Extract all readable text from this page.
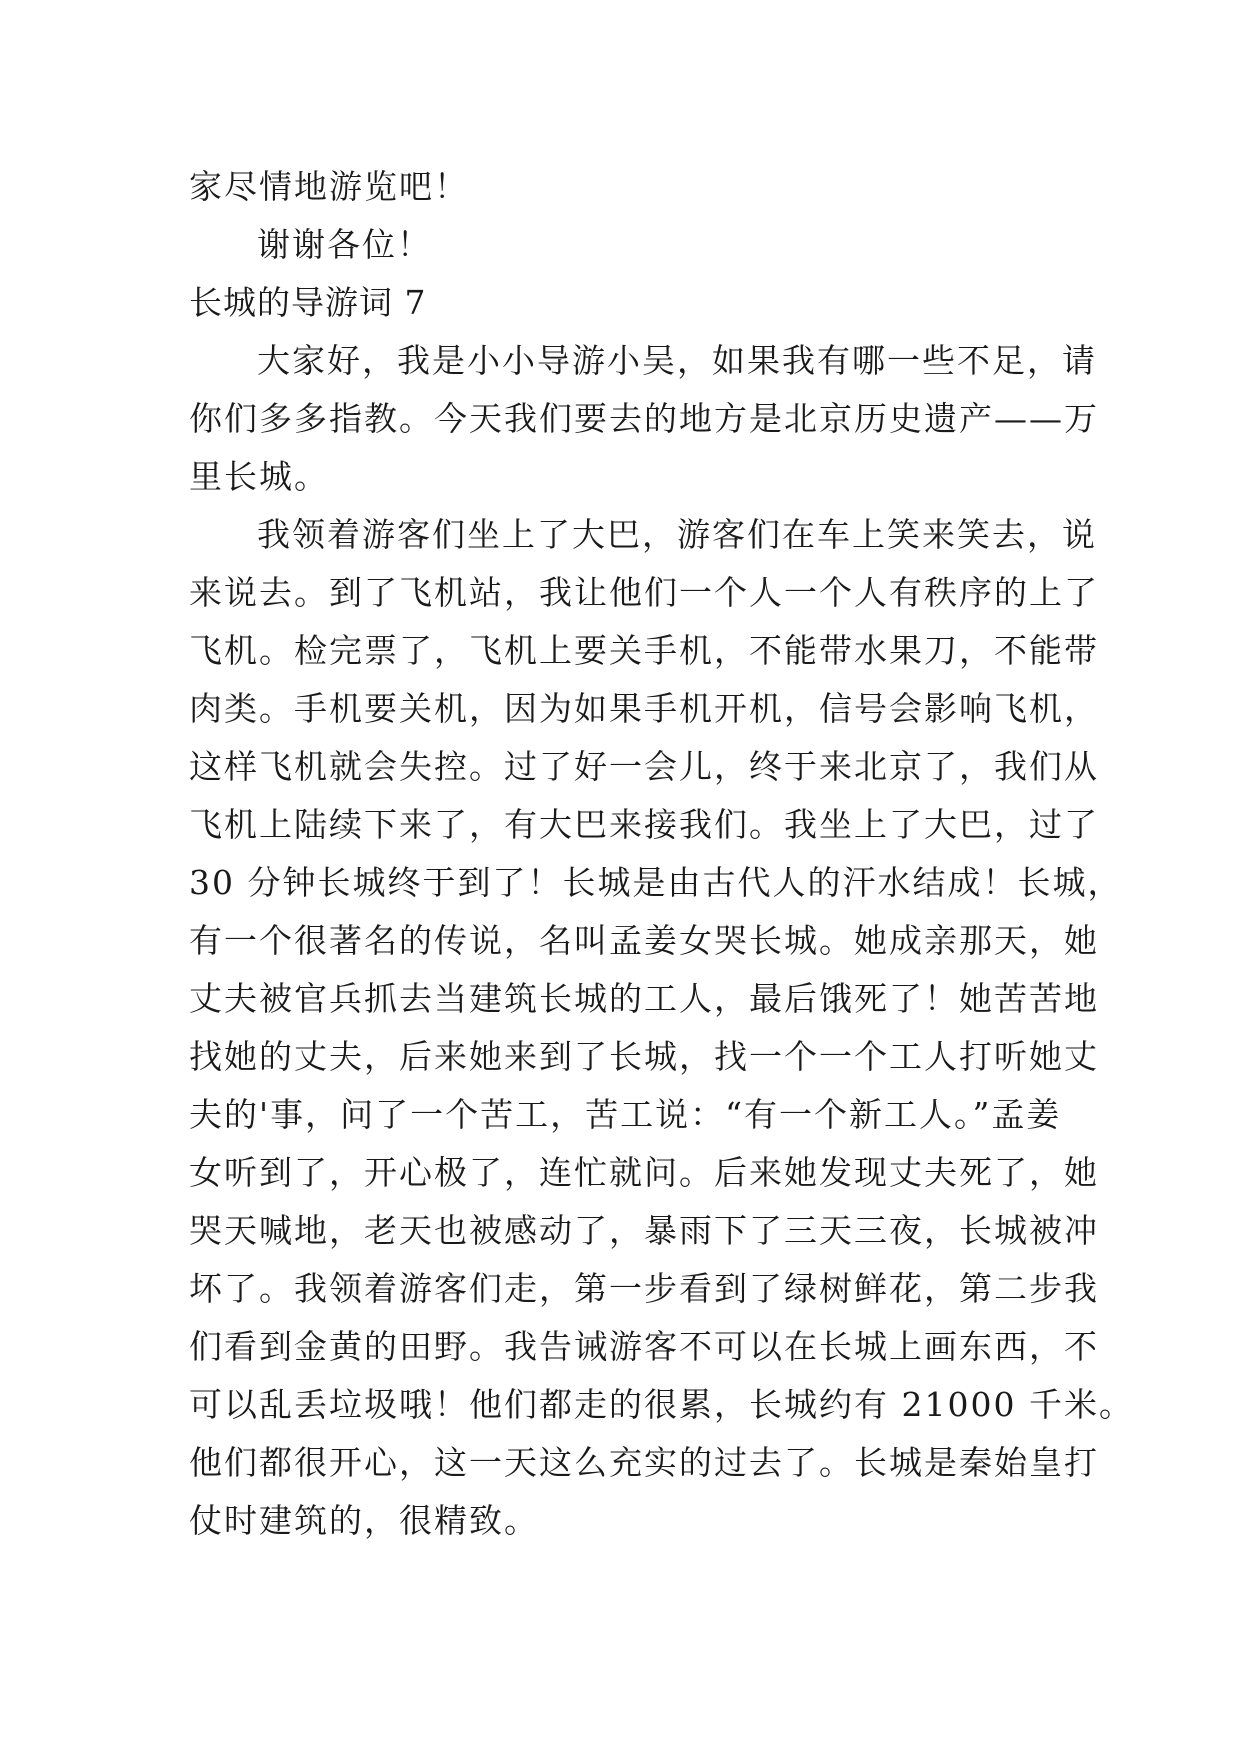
家尽情地游览吧！
谢谢各位！
长城的导游词 7
大家好，我是小小导游小吴，如果我有哪一些不足，请
你们多多指教。今天我们要去的地方是北京历史遗产——万
里长城。
我领着游客们坐上了大巴，游客们在车上笑来笑去，说
来说去。到了飞机站，我让他们一个人一个人有秩序的上了
飞机。检完票了，飞机上要关手机，不能带水果刀，不能带
肉类。手机要关机，因为如果手机开机，信号会影响飞机，
这样飞机就会失控。过了好一会儿，终于来北京了，我们从
飞机上陆续下来了，有大巴来接我们。我坐上了大巴，过了
30 分钟长城终于到了！长城是由古代人的汗水结成！长城，
有一个很著名的传说，名叫孟姜女哭长城。她成亲那天，她
丈夫被官兵抓去当建筑长城的工人，最后饿死了！她苦苦地
找她的丈夫，后来她来到了长城，找一个一个工人打听她丈
夫的'事，问了一个苦工，苦工说：“有一个新工人。”孟姜
女听到了，开心极了，连忙就问。后来她发现丈夫死了，她
哭天喊地，老天也被感动了，暴雨下了三天三夜，长城被冲
坏了。我领着游客们走，第一步看到了绿树鲜花，第二步我
们看到金黄的田野。我告诫游客不可以在长城上画东西，不
可以乱丢垃圾哦！他们都走的很累，长城约有 21000 千米。
他们都很开心，这一天这么充实的过去了。长城是秦始皇打
仗时建筑的，很精致。
